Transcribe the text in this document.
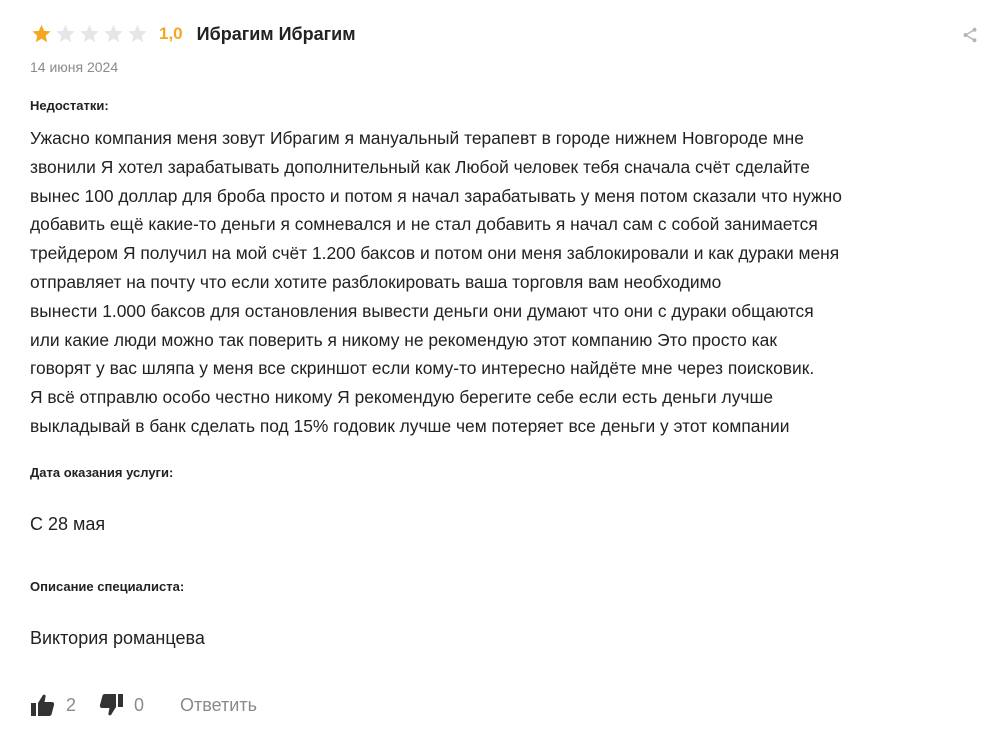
1,0 Ибрагим Ибрагим
14 июня 2024
Недостатки:
Ужасно компания меня зовут Ибрагим я мануальный терапевт в городе нижнем Новгороде мне
звонили Я хотел зарабатывать дополнительный как Любой человек тебя сначала счёт сделайте
вынес 100 доллар для броба просто и потом я начал зарабатывать у меня потом сказали что нужно
добавить ещё какие-то деньги я сомневался и не стал добавить я начал сам с собой занимается
трейдером Я получил на мой счёт 1.200 баксов и потом они меня заблокировали и как дураки меня
отправляет на почту что если хотите разблокировать ваша торговля вам необходимо
вынести 1.000 баксов для остановления вывести деньги они думают что они с дураки общаются
или какие люди можно так поверить я никому не рекомендую этот компанию Это просто как
говорят у вас шляпа у меня все скриншот если кому-то интересно найдёте мне через поисковик.
Я всё отправлю особо честно никому Я рекомендую берегите себе если есть деньги лучше
выкладывай в банк сделать под 15% годовик лучше чем потеряет все деньги у этот компании
Дата оказания услуги:
С 28 мая
Описание специалиста:
Виктория романцева
2	0 Ответить
